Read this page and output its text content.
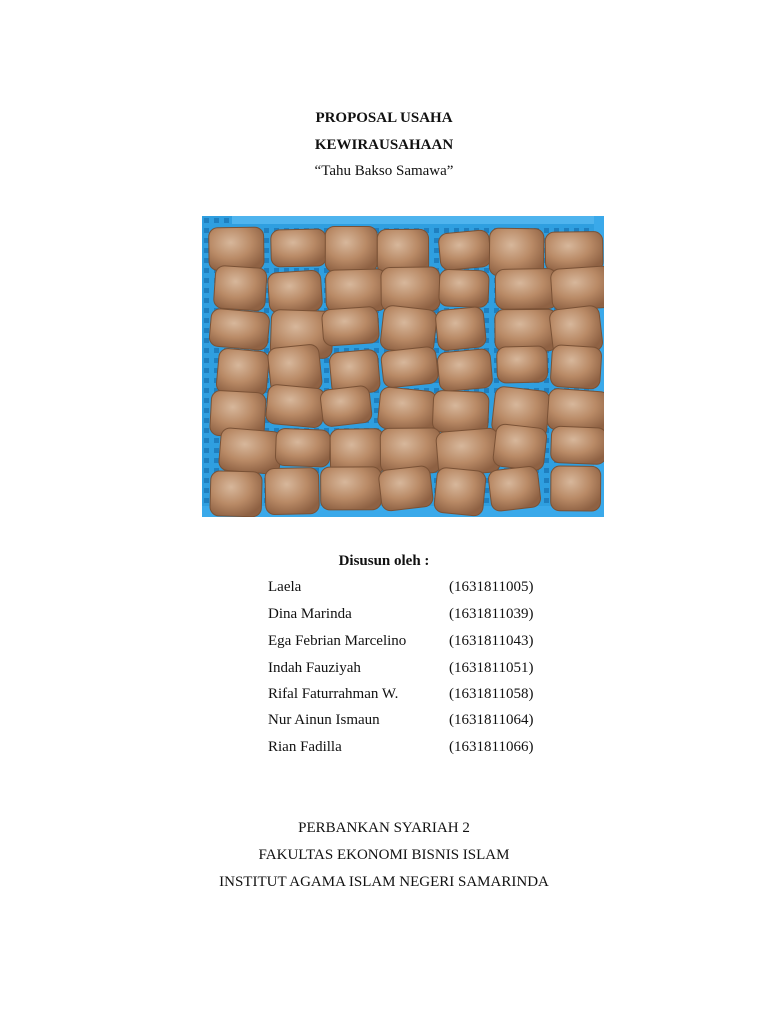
PROPOSAL USAHA
KEWIRAUSAHAAN
“Tahu Bakso Samawa”
Disusun oleh :
Laela	(1631811005)
Dina Marinda	(1631811039)
Ega Febrian Marcelino	(1631811043)
Indah Fauziyah	(1631811051)
Rifal Faturrahman W.	(1631811058)
Nur Ainun Ismaun	(1631811064)
Rian Fadilla	(1631811066)
PERBANKAN SYARIAH 2
FAKULTAS EKONOMI BISNIS ISLAM
INSTITUT AGAMA ISLAM NEGERI SAMARINDA
